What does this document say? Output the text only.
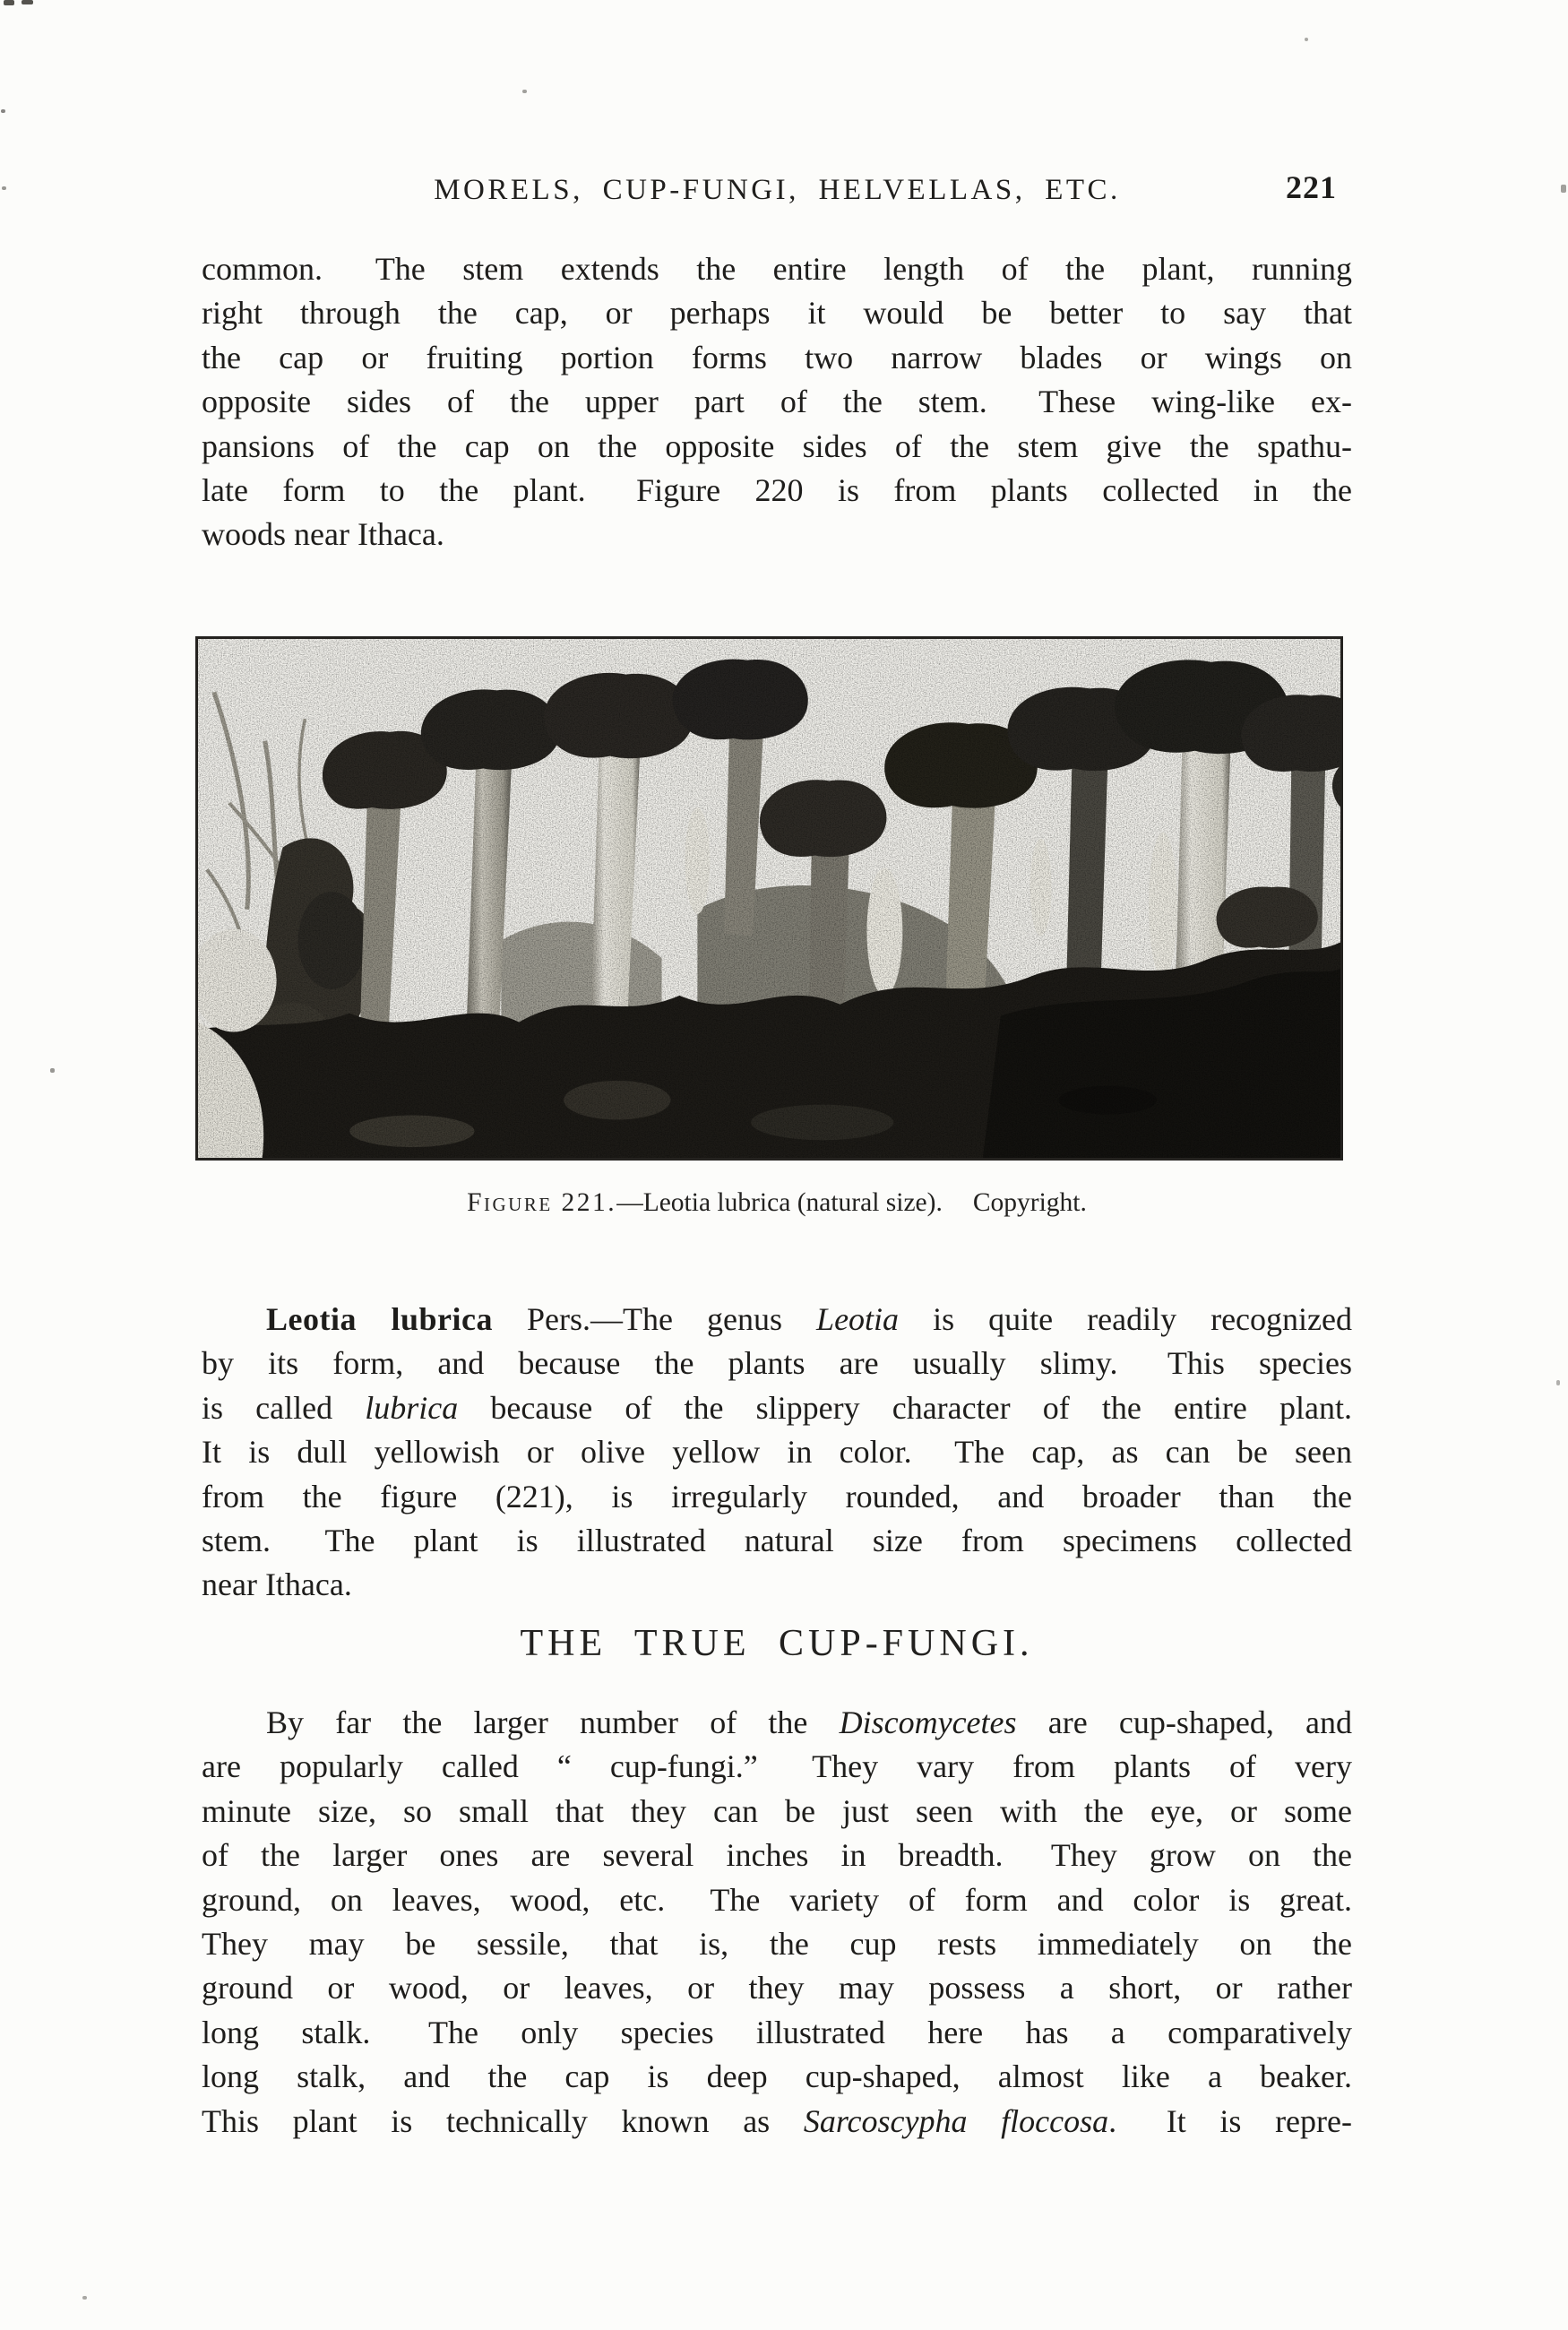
MORELS, CUP-FUNGI, HELVELLAS, ETC.	221
common.  The stem extends the entire length of the plant, running
right through the cap, or perhaps it would be better to say that
the cap or fruiting portion forms two narrow blades or wings on
opposite sides of the upper part of the stem.  These wing-like ex-
pansions of the cap on the opposite sides of the stem give the spathu-
late form to the plant.  Figure 220 is from plants collected in the
woods near Ithaca.
Figure 221.—Leotia lubrica (natural size). Copyright.
Leotia lubrica Pers.—The genus Leotia is quite readily recognized
by its form, and because the plants are usually slimy.  This species
is called lubrica because of the slippery character of the entire plant.
It is dull yellowish or olive yellow in color.  The cap, as can be seen
from the figure (221), is irregularly rounded, and broader than the
stem.  The plant is illustrated natural size from specimens collected
near Ithaca.
THE TRUE CUP-FUNGI.
By far the larger number of the Discomycetes are cup-shaped, and
are popularly called “ cup-fungi.”  They vary from plants of very
minute size, so small that they can be just seen with the eye, or some
of the larger ones are several inches in breadth.  They grow on the
ground, on leaves, wood, etc.  The variety of form and color is great.
They may be sessile, that is, the cup rests immediately on the
ground or wood, or leaves, or they may possess a short, or rather
long stalk.  The only species illustrated here has a comparatively
long stalk, and the cap is deep cup-shaped, almost like a beaker.
This plant is technically known as Sarcoscypha floccosa.  It is repre-
